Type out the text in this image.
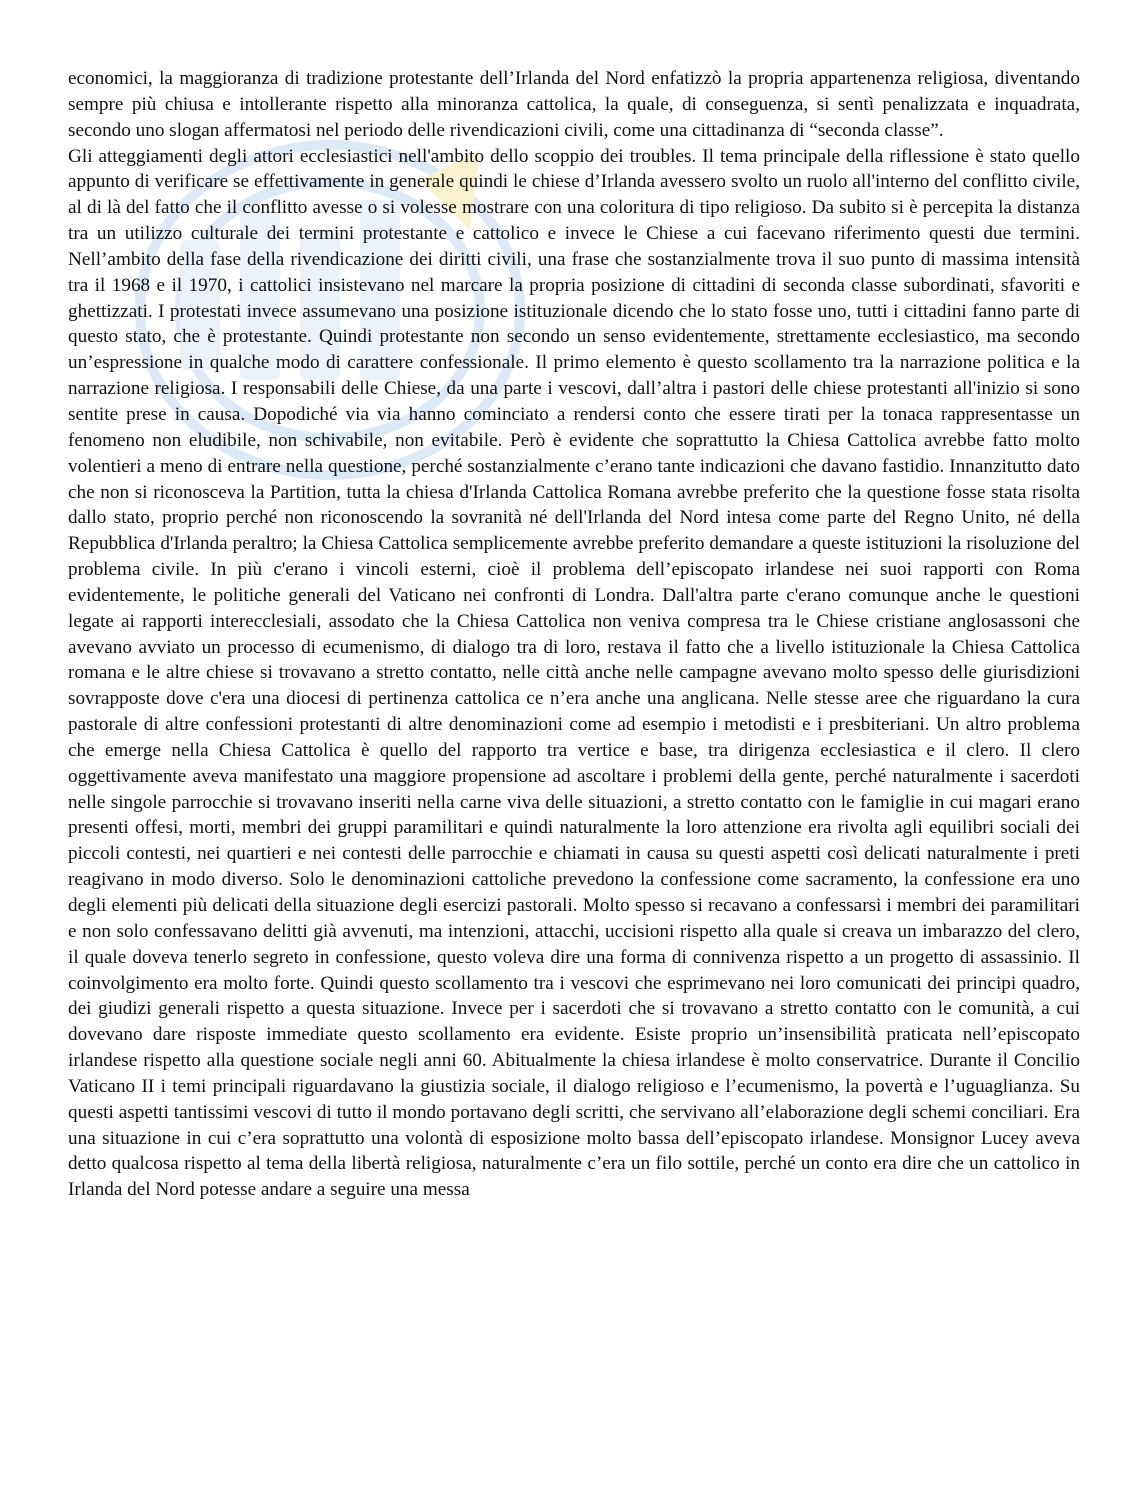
economici, la maggioranza di tradizione protestante dell’Irlanda del Nord enfatizzò la propria appartenenza religiosa, diventando sempre più chiusa e intollerante rispetto alla minoranza cattolica, la quale, di conseguenza, si sentì penalizzata e inquadrata, secondo uno slogan affermatosi nel periodo delle rivendicazioni civili, come una cittadinanza di “seconda classe”.

Gli atteggiamenti degli attori ecclesiastici nell'ambito dello scoppio dei troubles. Il tema principale della riflessione è stato quello appunto di verificare se effettivamente in generale quindi le chiese d’Irlanda avessero svolto un ruolo all'interno del conflitto civile, al di là del fatto che il conflitto avesse o si volesse mostrare con una coloritura di tipo religioso. Da subito si è percepita la distanza tra un utilizzo culturale dei termini protestante e cattolico e invece le Chiese a cui facevano riferimento questi due termini. Nell’ambito della fase della rivendicazione dei diritti civili, una frase che sostanzialmente trova il suo punto di massima intensità tra il 1968 e il 1970, i cattolici insistevano nel marcare la propria posizione di cittadini di seconda classe subordinati, sfavoriti e ghettizzati. I protestati invece assumevano una posizione istituzionale dicendo che lo stato fosse uno, tutti i cittadini fanno parte di questo stato, che è protestante. Quindi protestante non secondo un senso evidentemente, strettamente ecclesiastico, ma secondo un’espressione in qualche modo di carattere confessionale. Il primo elemento è questo scollamento tra la narrazione politica e la narrazione religiosa. I responsabili delle Chiese, da una parte i vescovi, dall’altra i pastori delle chiese protestanti all'inizio si sono sentite prese in causa. Dopodiché via via hanno cominciato a rendersi conto che essere tirati per la tonaca rappresentasse un fenomeno non eludibile, non schivabile, non evitabile. Però è evidente che soprattutto la Chiesa Cattolica avrebbe fatto molto volentieri a meno di entrare nella questione, perché sostanzialmente c’erano tante indicazioni che davano fastidio. Innanzitutto dato che non si riconosceva la Partition, tutta la chiesa d'Irlanda Cattolica Romana avrebbe preferito che la questione fosse stata risolta dallo stato, proprio perché non riconoscendo la sovranità né dell'Irlanda del Nord intesa come parte del Regno Unito, né della Repubblica d'Irlanda peraltro; la Chiesa Cattolica semplicemente avrebbe preferito demandare a queste istituzioni la risoluzione del problema civile. In più c'erano i vincoli esterni, cioè il problema dell’episcopato irlandese nei suoi rapporti con Roma evidentemente, le politiche generali del Vaticano nei confronti di Londra. Dall'altra parte c'erano comunque anche le questioni legate ai rapporti interecclesiali, assodato che la Chiesa Cattolica non veniva compresa tra le Chiese cristiane anglosassoni che avevano avviato un processo di ecumenismo, di dialogo tra di loro, restava il fatto che a livello istituzionale la Chiesa Cattolica romana e le altre chiese si trovavano a stretto contatto, nelle città anche nelle campagne avevano molto spesso delle giurisdizioni sovrapposte dove c'era una diocesi di pertinenza cattolica ce n’era anche una anglicana. Nelle stesse aree che riguardano la cura pastorale di altre confessioni protestanti di altre denominazioni come ad esempio i metodisti e i presbiteriani. Un altro problema che emerge nella Chiesa Cattolica è quello del rapporto tra vertice e base, tra dirigenza ecclesiastica e il clero. Il clero oggettivamente aveva manifestato una maggiore propensione ad ascoltare i problemi della gente, perché naturalmente i sacerdoti nelle singole parrocchie si trovavano inseriti nella carne viva delle situazioni, a stretto contatto con le famiglie in cui magari erano presenti offesi, morti, membri dei gruppi paramilitari e quindi naturalmente la loro attenzione era rivolta agli equilibri sociali dei piccoli contesti, nei quartieri e nei contesti delle parrocchie e chiamati in causa su questi aspetti così delicati naturalmente i preti reagivano in modo diverso. Solo le denominazioni cattoliche prevedono la confessione come sacramento, la confessione era uno degli elementi più delicati della situazione degli esercizi pastorali. Molto spesso si recavano a confessarsi i membri dei paramilitari e non solo confessavano delitti già avvenuti, ma intenzioni, attacchi, uccisioni rispetto alla quale si creava un imbarazzo del clero, il quale doveva tenerlo segreto in confessione, questo voleva dire una forma di connivenza rispetto a un progetto di assassinio. Il coinvolgimento era molto forte. Quindi questo scollamento tra i vescovi che esprimevano nei loro comunicati dei principi quadro, dei giudizi generali rispetto a questa situazione. Invece per i sacerdoti che si trovavano a stretto contatto con le comunità, a cui dovevano dare risposte immediate questo scollamento era evidente. Esiste proprio un’insensibilità praticata nell’episcopato irlandese rispetto alla questione sociale negli anni 60. Abitualmente la chiesa irlandese è molto conservatrice. Durante il Concilio Vaticano II i temi principali riguardavano la giustizia sociale, il dialogo religioso e l’ecumenismo, la povertà e l’uguaglianza. Su questi aspetti tantissimi vescovi di tutto il mondo portavano degli scritti, che servivano all’elaborazione degli schemi conciliari. Era una situazione in cui c’era soprattutto una volontà di esposizione molto bassa dell’episcopato irlandese. Monsignor Lucey aveva detto qualcosa rispetto al tema della libertà religiosa, naturalmente c’era un filo sottile, perché un conto era dire che un cattolico in Irlanda del Nord potesse andare a seguire una messa
